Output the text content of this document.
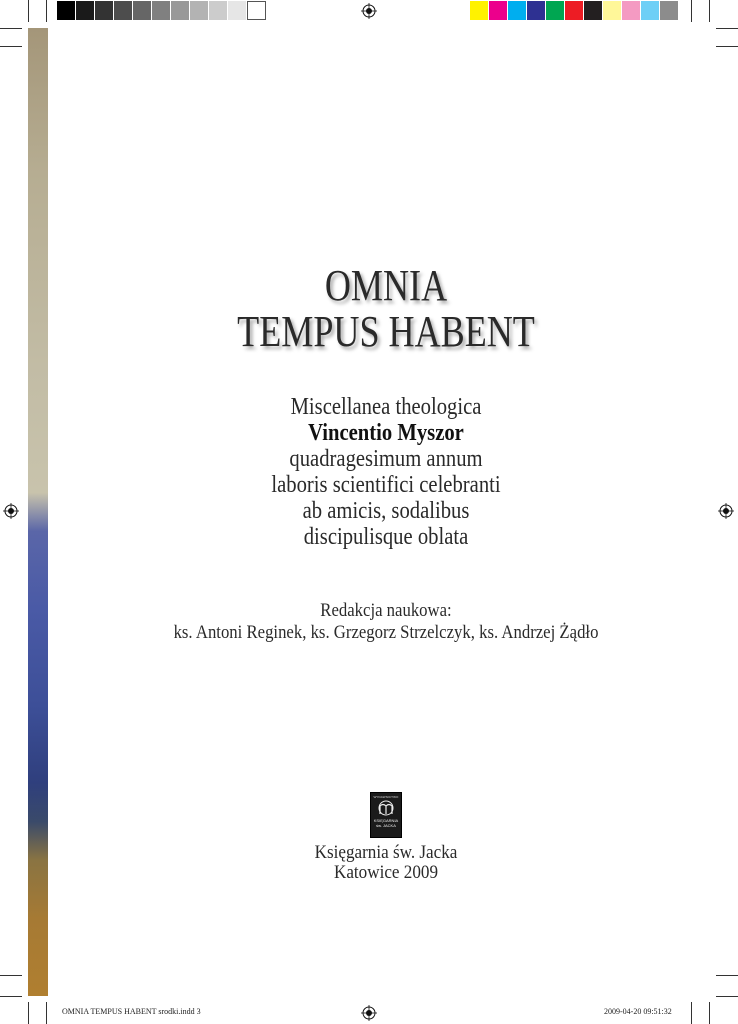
OMNIA
TEMPUS HABENT
Miscellanea theologica
Vincentio Myszor
quadragesimum annum
laboris scientifici celebranti
ab amicis, sodalibus
discipulisque oblata
Redakcja naukowa:
ks. Antoni Reginek, ks. Grzegorz Strzelczyk, ks. Andrzej Żądło
WYDAWNICTWO
KSIĘGARNIA
św. JACKA
Księgarnia św. Jacka
Katowice 2009
OMNIA TEMPUS HABENT srodki.indd 3	2009-04-20 09:51:32
